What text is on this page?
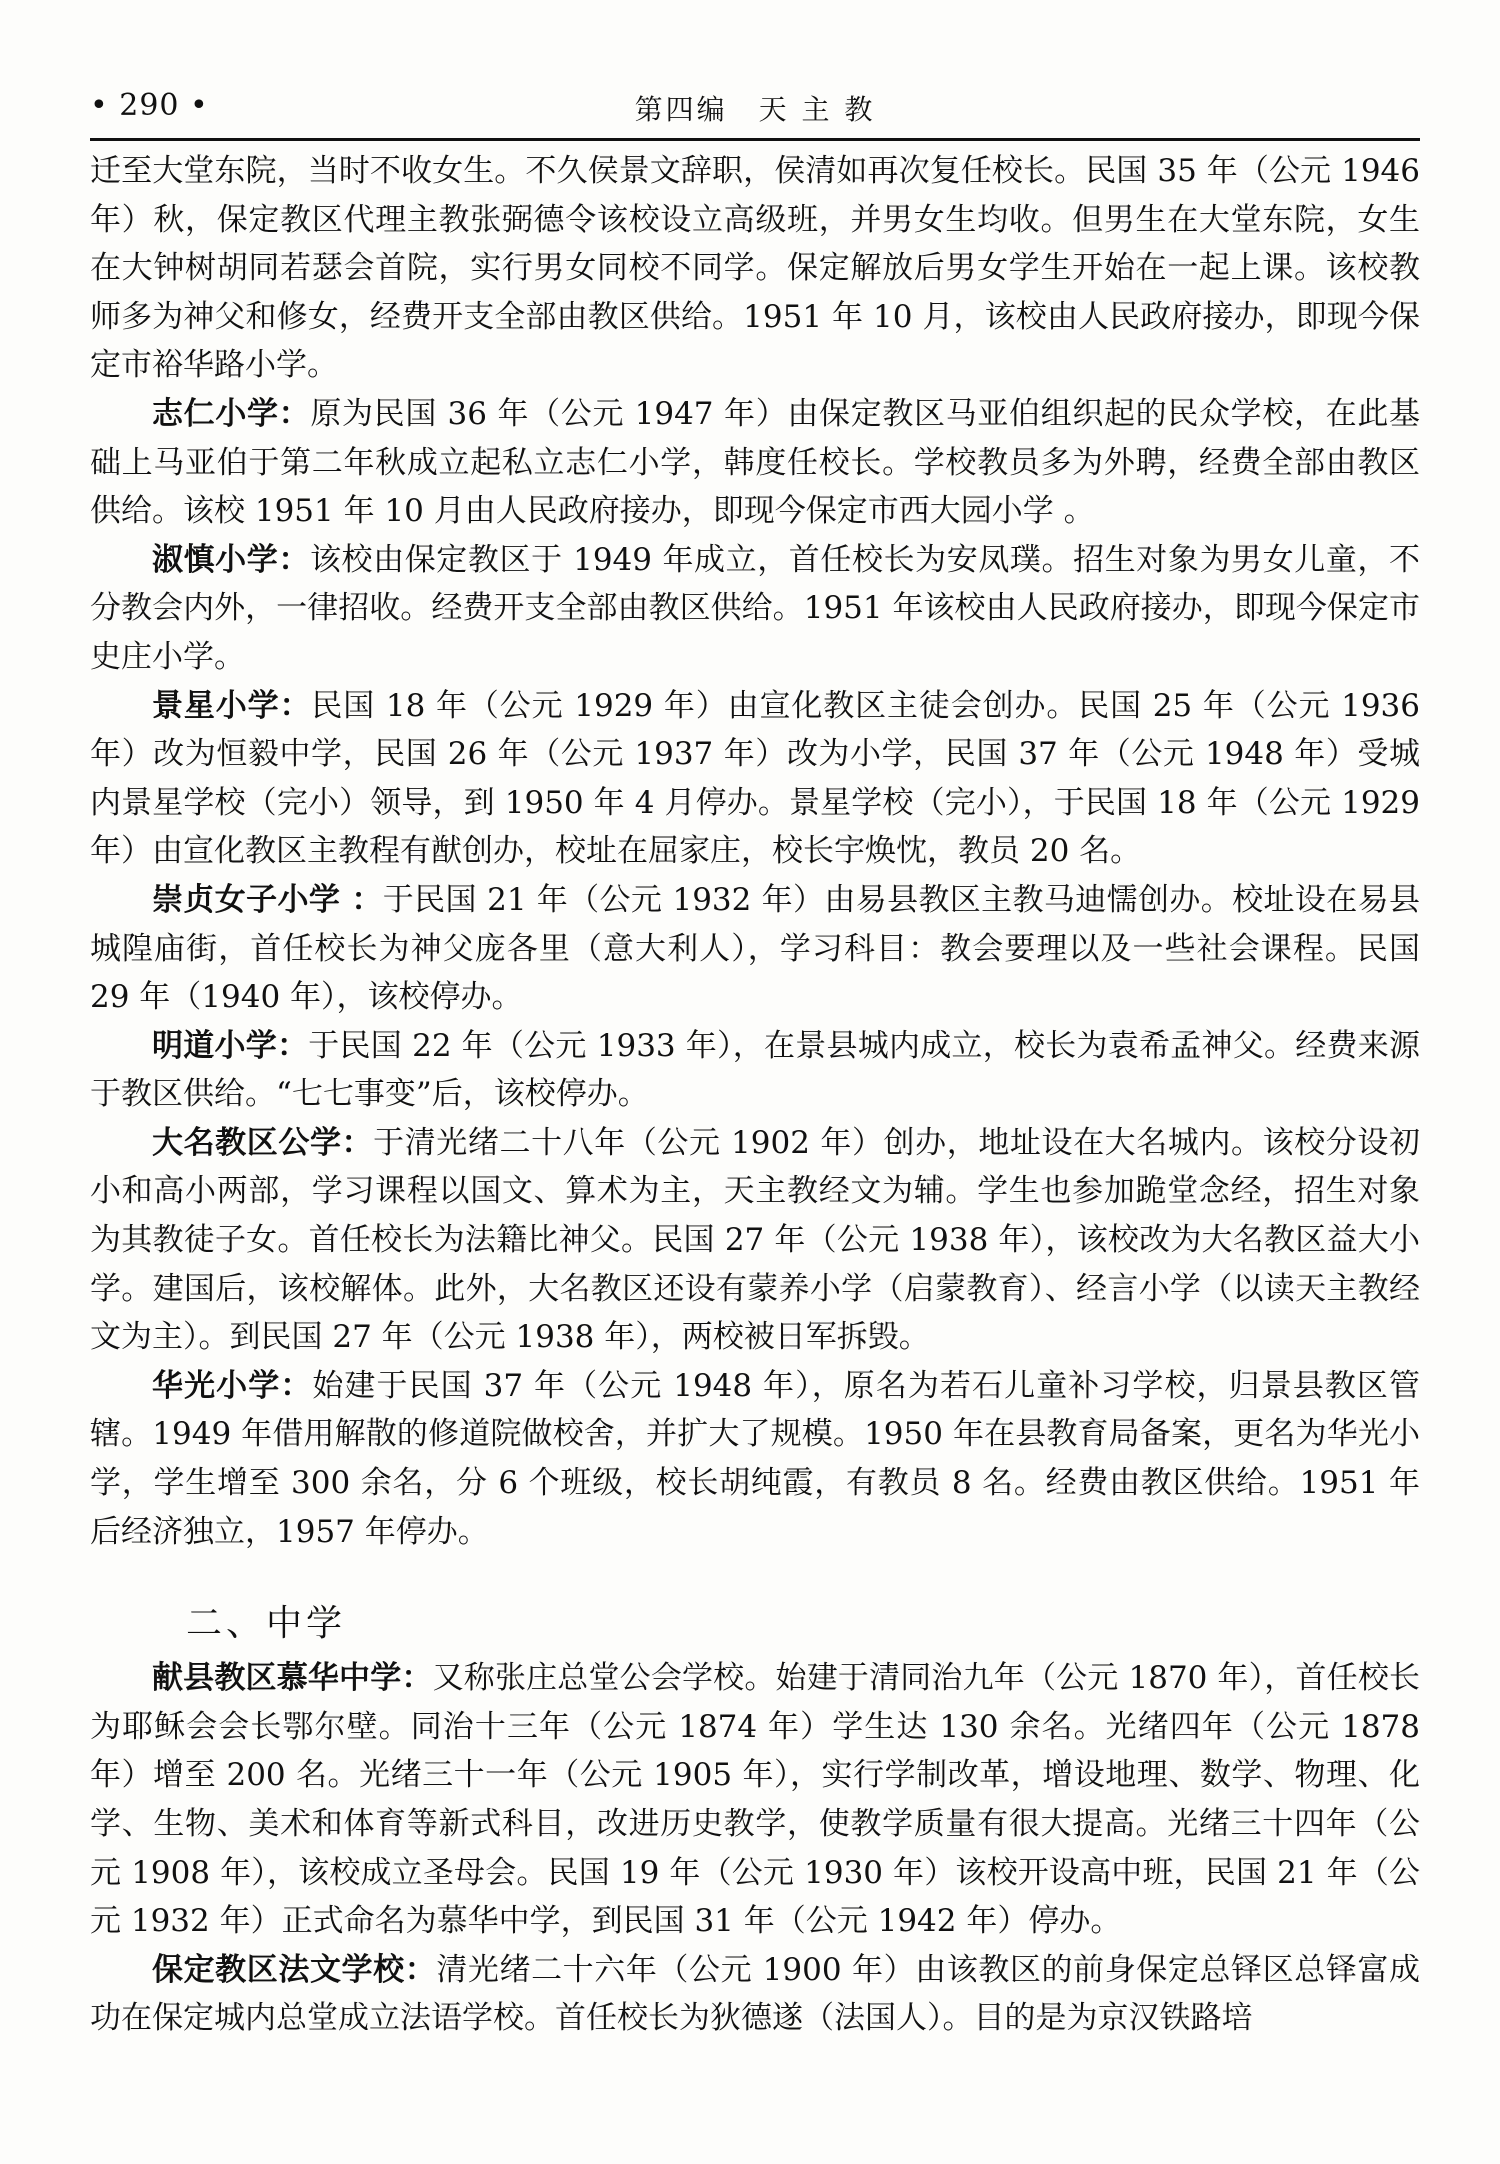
• 290 •	第四编　天 主 教

迁至大堂东院，当时不收女生。不久侯景文辞职，侯清如再次复任校长。民国 35 年（公元 1946 年）秋，保定教区代理主教张弼德令该校设立高级班，并男女生均收。但男生在大堂东院，女生在大钟树胡同若瑟会首院，实行男女同校不同学。保定解放后男女学生开始在一起上课。该校教师多为神父和修女，经费开支全部由教区供给。1951 年 10 月，该校由人民政府接办，即现今保定市裕华路小学。

志仁小学：原为民国 36 年（公元 1947 年）由保定教区马亚伯组织起的民众学校，在此基础上马亚伯于第二年秋成立起私立志仁小学，韩度任校长。学校教员多为外聘，经费全部由教区供给。该校 1951 年 10 月由人民政府接办，即现今保定市西大园小学 。

淑慎小学：该校由保定教区于 1949 年成立，首任校长为安凤璞。招生对象为男女儿童，不分教会内外，一律招收。经费开支全部由教区供给。1951 年该校由人民政府接办，即现今保定市史庄小学。

景星小学：民国 18 年（公元 1929 年）由宣化教区主徒会创办。民国 25 年（公元 1936 年）改为恒毅中学，民国 26 年（公元 1937 年）改为小学，民国 37 年（公元 1948 年）受城内景星学校（完小）领导，到 1950 年 4 月停办。景星学校（完小），于民国 18 年（公元 1929 年）由宣化教区主教程有猷创办，校址在屈家庄，校长宇焕忱，教员 20 名。

崇贞女子小学 ：于民国 21 年（公元 1932 年）由易县教区主教马迪懦创办。校址设在易县城隍庙街，首任校长为神父庞各里（意大利人），学习科目：教会要理以及一些社会课程。民国 29 年（1940 年），该校停办。

明道小学：于民国 22 年（公元 1933 年），在景县城内成立，校长为袁希孟神父。经费来源于教区供给。“七七事变”后，该校停办。

大名教区公学：于清光绪二十八年（公元 1902 年）创办，地址设在大名城内。该校分设初小和高小两部，学习课程以国文、算术为主，天主教经文为辅。学生也参加跪堂念经，招生对象为其教徒子女。首任校长为法籍比神父。民国 27 年（公元 1938 年），该校改为大名教区益大小学。建国后，该校解体。此外，大名教区还设有蒙养小学（启蒙教育）、经言小学（以读天主教经文为主）。到民国 27 年（公元 1938 年），两校被日军拆毁。

华光小学：始建于民国 37 年（公元 1948 年），原名为若石儿童补习学校，归景县教区管辖。1949 年借用解散的修道院做校舍，并扩大了规模。1950 年在县教育局备案，更名为华光小学，学生增至 300 余名，分 6 个班级，校长胡纯霞，有教员 8 名。经费由教区供给。1951 年后经济独立，1957 年停办。

二、中学

献县教区慕华中学：又称张庄总堂公会学校。始建于清同治九年（公元 1870 年），首任校长为耶稣会会长鄂尔壁。同治十三年（公元 1874 年）学生达 130 余名。光绪四年（公元 1878 年）增至 200 名。光绪三十一年（公元 1905 年），实行学制改革，增设地理、数学、物理、化学、生物、美术和体育等新式科目，改进历史教学，使教学质量有很大提高。光绪三十四年（公元 1908 年），该校成立圣母会。民国 19 年（公元 1930 年）该校开设高中班，民国 21 年（公元 1932 年）正式命名为慕华中学，到民国 31 年（公元 1942 年）停办。

保定教区法文学校：清光绪二十六年（公元 1900 年）由该教区的前身保定总铎区总铎富成功在保定城内总堂成立法语学校。首任校长为狄德遂（法国人）。目的是为京汉铁路培
